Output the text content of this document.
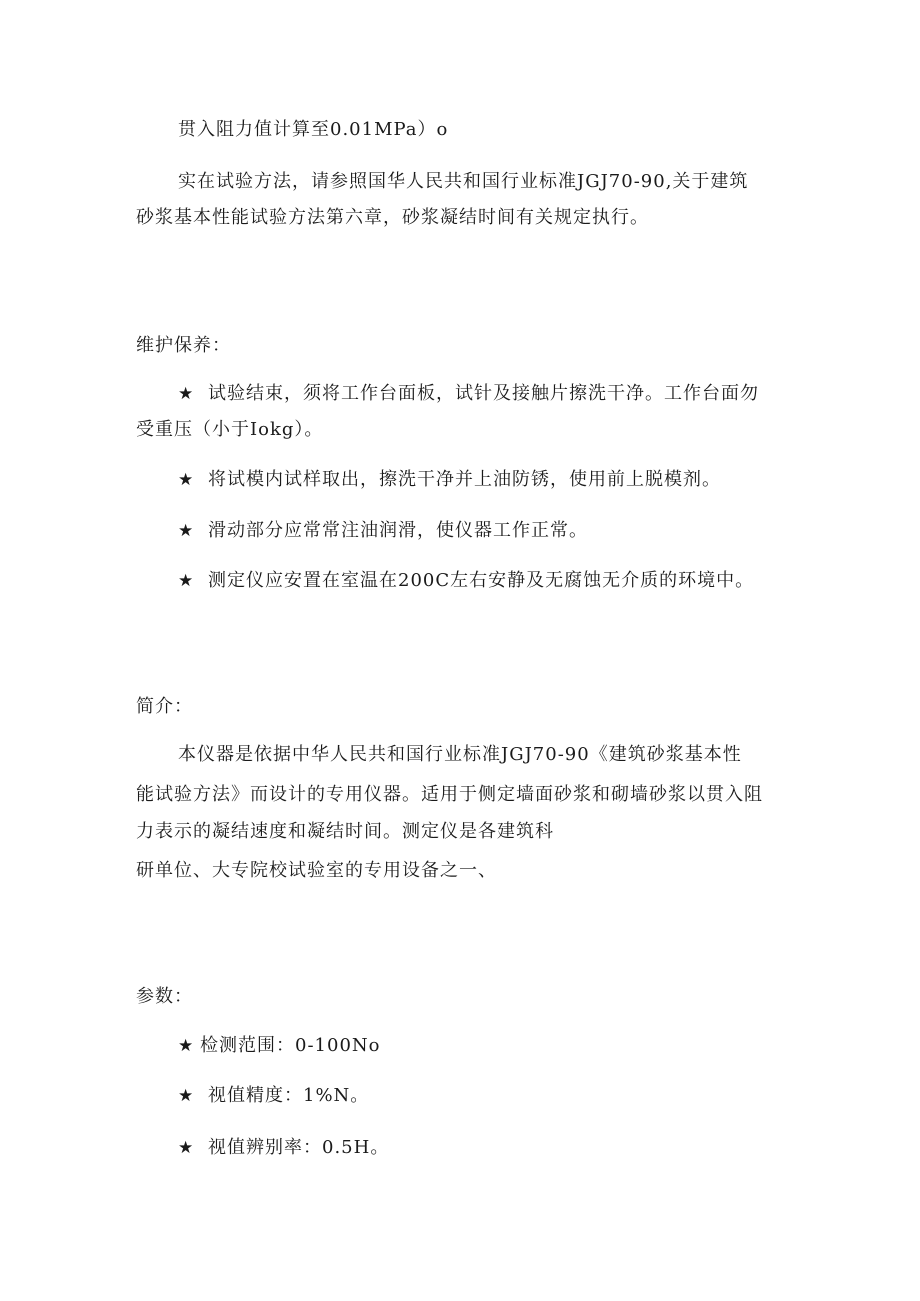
贯入阻力值计算至0.01MPa）o
实在试验方法，请参照国华人民共和国行业标准JGJ70-90,关于建筑
砂浆基本性能试验方法第六章，砂浆凝结时间有关规定执行。
维护保养：
★ 试验结束，须将工作台面板，试针及接触片擦洗干净。工作台面勿
受重压（小于Iokg）。
★ 将试模内试样取出，擦洗干净并上油防锈，使用前上脱模剂。
★ 滑动部分应常常注油润滑，使仪器工作正常。
★ 测定仪应安置在室温在200C左右安静及无腐蚀无介质的环境中。
简介：
本仪器是依据中华人民共和国行业标准JGJ70-90《建筑砂浆基本性
能试验方法》而设计的专用仪器。适用于侧定墙面砂浆和砌墙砂浆以贯入阻
力表示的凝结速度和凝结时间。测定仪是各建筑科
研单位、大专院校试验室的专用设备之一、
参数：
★ 检测范围：0-100No
★ 视值精度：1%N。
★ 视值辨别率：0.5H。
